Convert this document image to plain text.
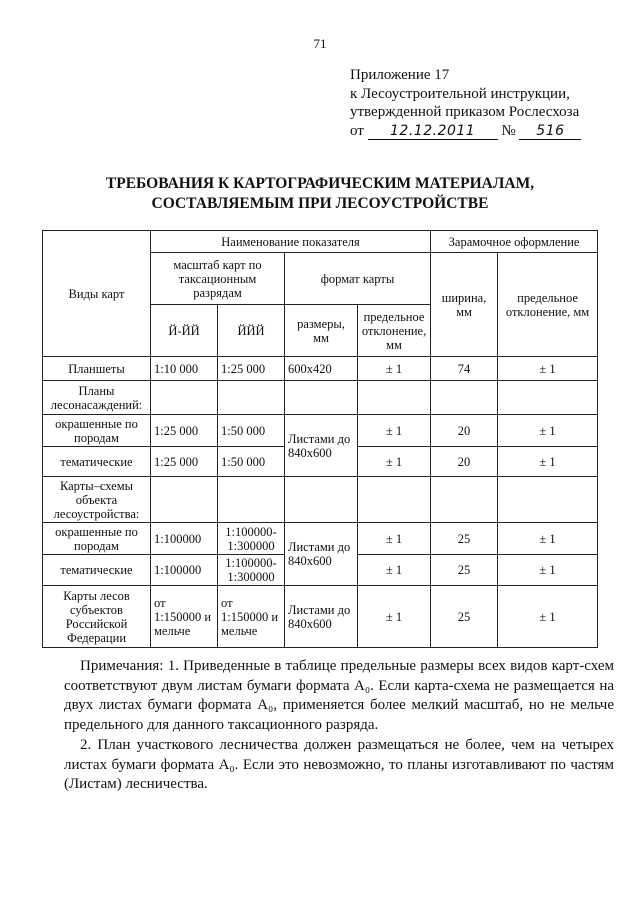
71
Приложение 17
к Лесоустроительной инструкции,
утвержденной приказом Рослесхоза
от 12.12.2011 № 516
ТРЕБОВАНИЯ К КАРТОГРАФИЧЕСКИМ МАТЕРИАЛАМ,
СОСТАВЛЯЕМЫМ ПРИ ЛЕСОУСТРОЙСТВЕ
Виды карт	Наименование показателя				Зарамочное оформление	
	масштаб карт по таксационным разрядам		формат карты		ширина, мм	предельное отклонение, мм
	Й-ЙЙ	ЙЙЙ	размеры, мм	предельное отклонение, мм		
Планшеты	1:10 000	1:25 000	600x420	± 1	74	± 1
Планы лесонасаждений:						
окрашенные по породам	1:25 000	1:50 000	Листами до 840x600	± 1	20	± 1
тематические	1:25 000	1:50 000		± 1	20	± 1
Карты–схемы объекта лесоустройства:						
окрашенные по породам	1:100000	1:100000-1:300000	Листами до 840x600	± 1	25	± 1
тематические	1:100000	1:100000-1:300000		± 1	25	± 1
Карты лесов субъектов Российской Федерации	от 1:150000 и мельче	от 1:150000 и мельче	Листами до 840x600	± 1	25	± 1

Примечания: 1. Приведенные в таблице предельные размеры всех видов карт-схем соответствуют двум листам бумаги формата А₀. Если карта-схема не размещается на двух листах бумаги формата А₀, применяется более мелкий масштаб, но не мельче предельного для данного таксационного разряда.

2. План участкового лесничества должен размещаться не более, чем на четырех листах бумаги формата А₀. Если это невозможно, то планы изготавливают по частям (Листам) лесничества.
